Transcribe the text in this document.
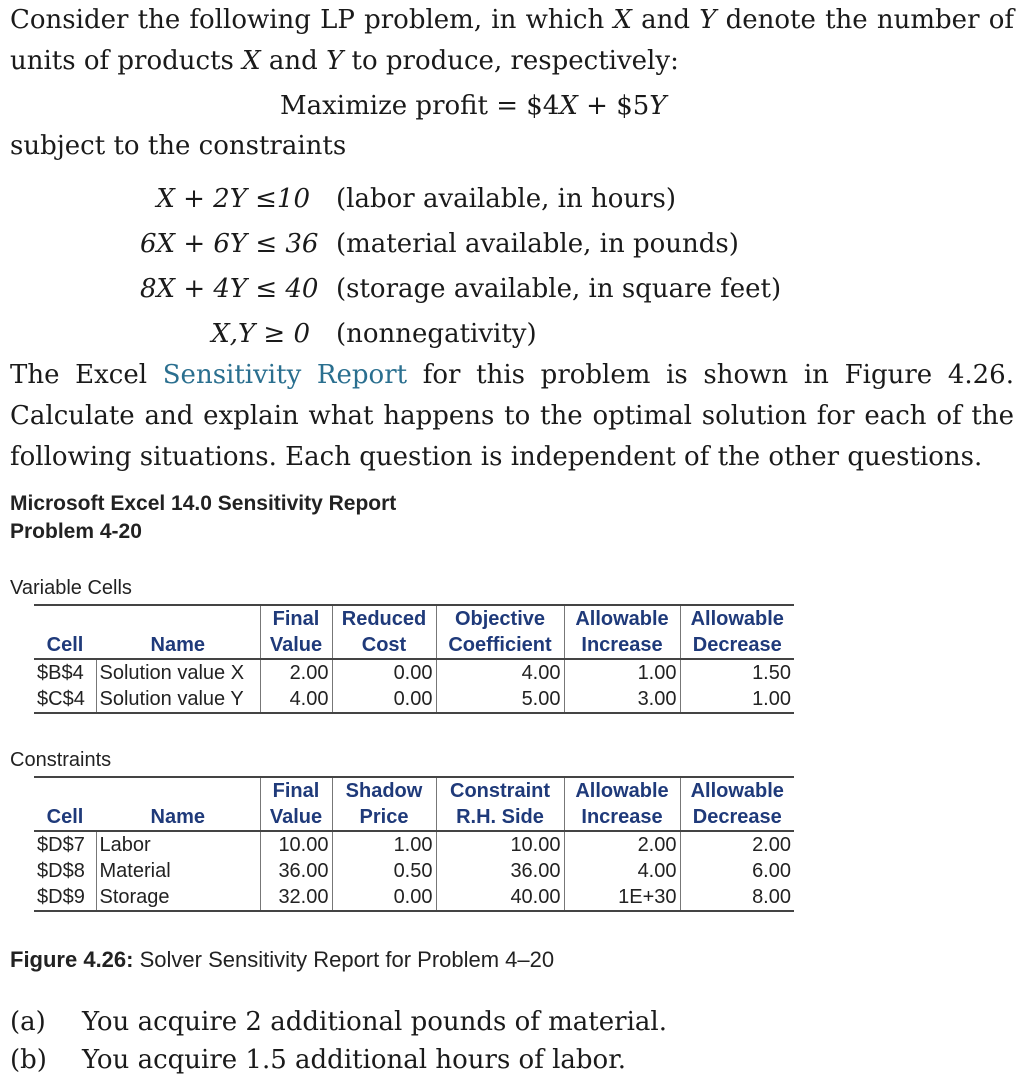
Consider the following LP problem, in which X and Y denote the number of units of products X and Y to produce, respectively:

Maximize profit = $4X + $5Y

subject to the constraints

X + 2Y ≤10 (labor available, in hours)
6X + 6Y ≤ 36 (material available, in pounds)
8X + 4Y ≤ 40 (storage available, in square feet)
X,Y ≥ 0 (nonnegativity)

The Excel Sensitivity Report for this problem is shown in Figure 4.26. Calculate and explain what happens to the optimal solution for each of the following situations. Each question is independent of the other questions.

Microsoft Excel 14.0 Sensitivity Report
Problem 4-20
Variable Cells
		Final	Reduced	Objective	Allowable	Allowable
Cell	Name	Value	Cost	Coefficient	Increase	Decrease
$B$4	Solution value X	2.00	0.00	4.00	1.00	1.50
$C$4	Solution value Y	4.00	0.00	5.00	3.00	1.00
Constraints
		Final	Shadow	Constraint	Allowable	Allowable
Cell	Name	Value	Price	R.H. Side	Increase	Decrease
$D$7	Labor	10.00	1.00	10.00	2.00	2.00
$D$8	Material	36.00	0.50	36.00	4.00	6.00
$D$9	Storage	32.00	0.00	40.00	1E+30	8.00
Figure 4.26: Solver Sensitivity Report for Problem 4–20
(a) You acquire 2 additional pounds of material.
(b) You acquire 1.5 additional hours of labor.
